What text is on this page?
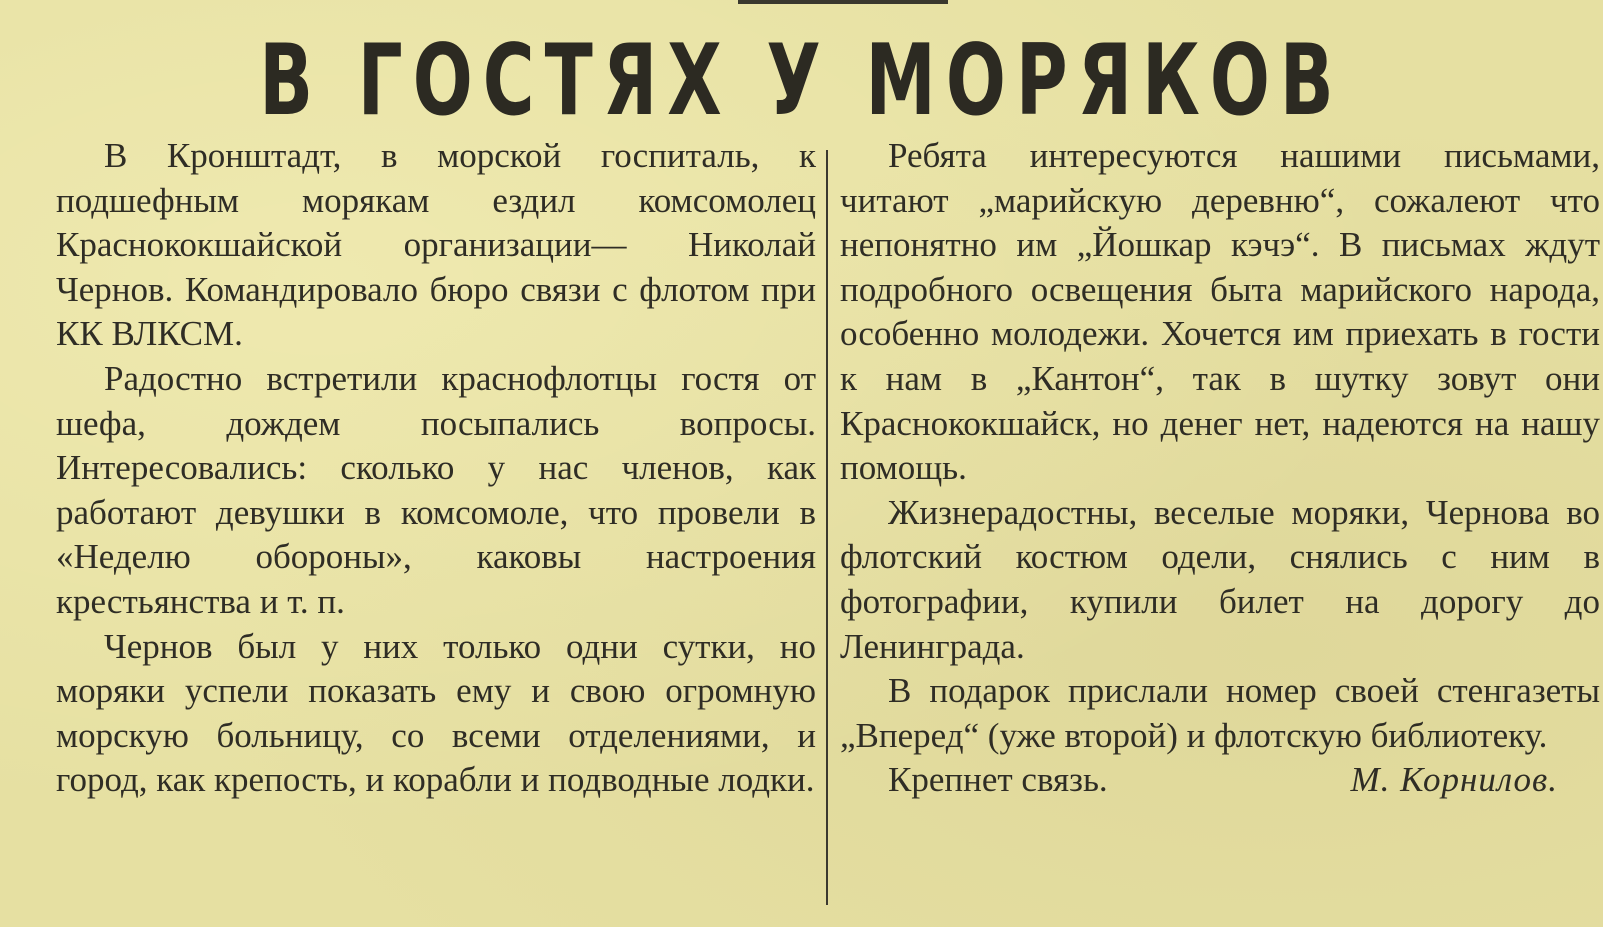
В ГОСТЯХ У МОРЯКОВ

В Кронштадт, в морской госпиталь, к подшефным морякам ездил комсомолец Краснококшайской организации— Николай Чернов. Командировало бюро связи с флотом при КК ВЛКСМ.

Радостно встретили краснофлотцы гостя от шефа, дождем посыпались вопросы. Интересовались: сколько у нас членов, как работают девушки в комсомоле, что провели в «Неделю обороны», каковы настроения крестьянства и т. п.

Чернов был у них только одни сутки, но моряки успели показать ему и свою огромную морскую больницу, со всеми отделениями, и город, как крепость, и корабли и подводные лодки.

Ребята интересуются нашими письмами, читают „марийскую деревню“, сожалеют что непонятно им „Йошкар кэчэ“. В письмах ждут подробного освещения быта марийского народа, особенно молодежи. Хочется им приехать в гости к нам в „Кантон“, так в шутку зовут они Краснококшайск, но денег нет, надеются на нашу помощь.

Жизнерадостны, веселые моряки, Чернова во флотский костюм одели, снялись с ним в фотографии, купили билет на дорогу до Ленинграда.

В подарок прислали номер своей стенгазеты „Вперед“ (уже второй) и флотскую библиотеку.

Крепнет связь.	М. Корнилов.
